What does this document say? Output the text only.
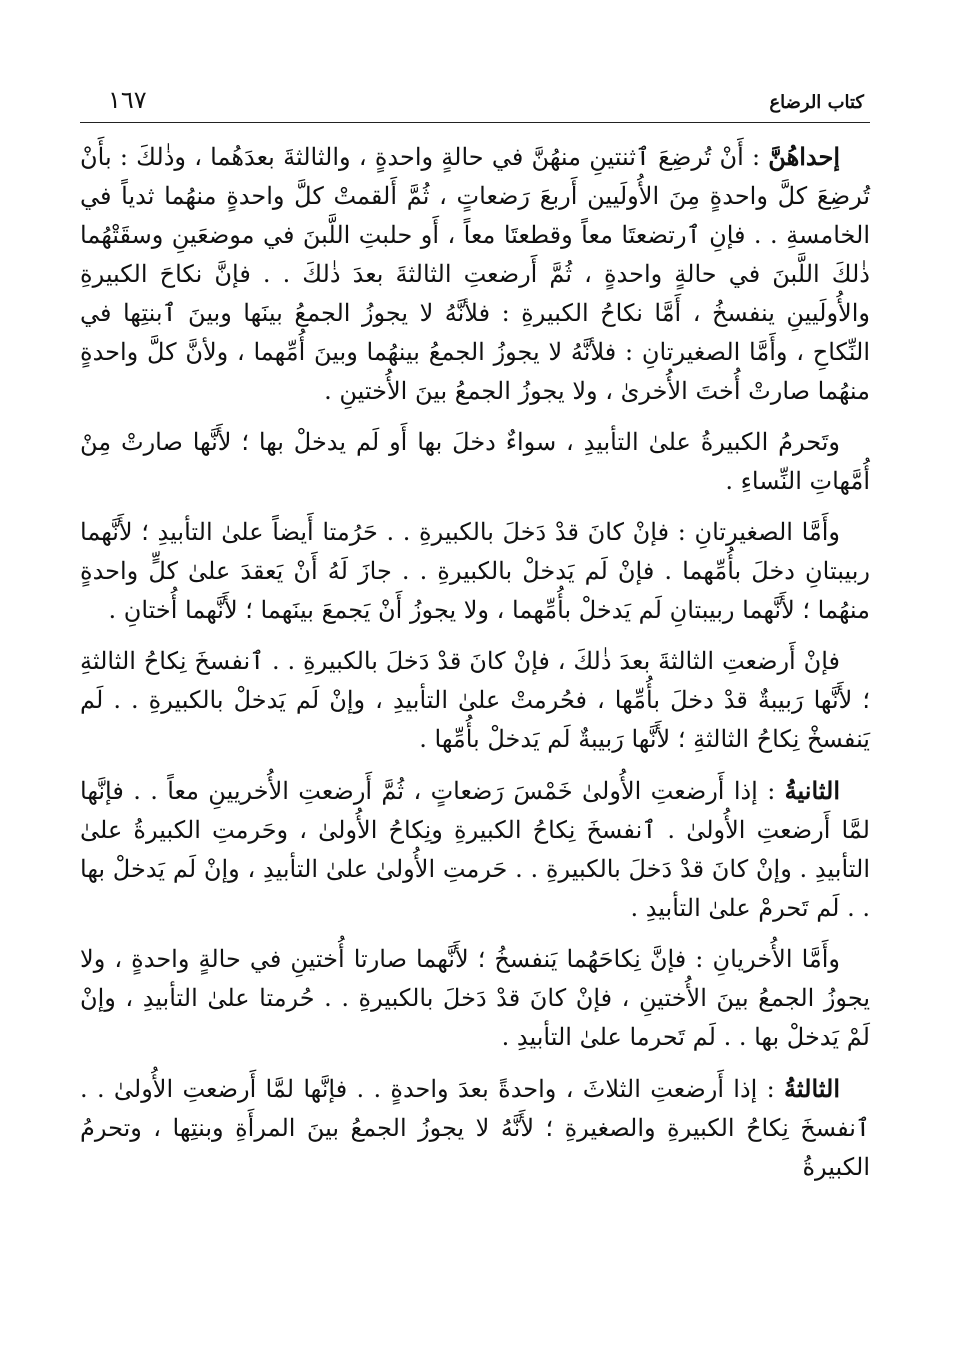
كتاب الرضاع
١٦٧

إحداهُنَّ : أَنْ تُرضِعَ ٱثنتينِ منهُنَّ في حالةٍ واحدةٍ ، والثالثةَ بعدَهُما ، وذٰلكَ : بأَنْ تُرضِعَ كلَّ واحدةٍ مِنَ الأُولَيين أَربعَ رَضعاتٍ ، ثُمَّ أَلقمتْ كلَّ واحدةٍ منهُما ثدياً في الخامسةِ . . فإنِ ٱرتضعتَا معاً وقطعتَا معاً ، أَو حلبتِ اللَّبنَ في موضعَينِ وسقَتْهُما ذٰلكَ اللَّبنَ في حالةٍ واحدةٍ ، ثُمَّ أَرضعتِ الثالثةَ بعدَ ذٰلكَ . . فإنَّ نكاحَ الكبيرةِ والأُولَيينِ ينفسخُ ، أَمَّا نكاحُ الكبيرةِ : فلأنَّهُ لا يجوزُ الجمعُ بينَها وبينَ ٱبنتِها في النِّكاحِ ، وأَمَّا الصغيرتانِ : فلأنَّهُ لا يجوزُ الجمعُ بينهُما وبينَ أُمِّهما ، ولأنَّ كلَّ واحدةٍ منهُما صارتْ أُختَ الأُخرىٰ ، ولا يجوزُ الجمعُ بينَ الأُختينِ .

وتَحرمُ الكبيرةُ علىٰ التأبيدِ ، سواءٌ دخلَ بها أَو لَم يدخلْ بها ؛ لأَنَّها صارتْ مِنْ أُمَّهاتِ النِّساءِ .

وأَمَّا الصغيرتانِ : فإنْ كانَ قدْ دَخلَ بالكبيرةِ . . حَرُمتا أَيضاً علىٰ التأبيدِ ؛ لأَنَّهما ربيبتانِ دخلَ بأُمِّهما . فإنْ لَم يَدخلْ بالكبيرةِ . . جازَ لَهُ أَنْ يَعقدَ علىٰ كلٍّ واحدةٍ منهُما ؛ لأَنَّهما ربيبتانِ لَم يَدخلْ بأُمِّهما ، ولا يجوزُ أَنْ يَجمعَ بينَهما ؛ لأَنَّهما أُختانِ .

فإنْ أَرضعتِ الثالثةَ بعدَ ذٰلكَ ، فإنْ كانَ قدْ دَخلَ بالكبيرةِ . . ٱنفسخَ نِكاحُ الثالثةِ ؛ لأَنَّها رَبيبةٌ قدْ دخلَ بأُمِّها ، فحُرمتْ علىٰ التأبيدِ ، وإنْ لَم يَدخلْ بالكبيرةِ . . لَم يَنفسخْ نِكاحُ الثالثةِ ؛ لأَنَّها رَبيبةٌ لَم يَدخلْ بأُمِّها .

الثانيةُ : إذا أَرضعتِ الأُولىٰ خَمْسَ رَضعاتٍ ، ثُمَّ أَرضعتِ الأُخريينِ معاً . . فإنَّها لمَّا أَرضعتِ الأُولىٰ . ٱنفسخَ نِكاحُ الكبيرةِ ونِكاحُ الأُولىٰ ، وحَرمتِ الكبيرةُ علىٰ التأبيدِ . وإنْ كانَ قدْ دَخلَ بالكبيرةِ . . حَرمتِ الأُولىٰ علىٰ التأبيدِ ، وإنْ لَم يَدخلْ بها . . لَم تَحرمْ علىٰ التأبيدِ .

وأَمَّا الأُخريانِ : فإنَّ نِكاحَهُما يَنفسخُ ؛ لأَنَّهما صارتا أُختينِ في حالةٍ واحدةٍ ، ولا يجوزُ الجمعُ بينَ الأُختينِ ، فإنْ كانَ قدْ دَخلَ بالكبيرةِ . . حُرمتا علىٰ التأبيدِ ، وإنْ لَمْ يَدخلْ بها . . لَم تَحرما علىٰ التأبيدِ .

الثالثةُ : إذا أَرضعتِ الثلاثَ ، واحدةً بعدَ واحدةٍ . . فإنَّها لمَّا أَرضعتِ الأُولىٰ . . ٱنفسخَ نِكاحُ الكبيرةِ والصغيرةِ ؛ لأَنَّهُ لا يجوزُ الجمعُ بينَ المرأَةِ وبنتِها ، وتحرمُ الكبيرةُ
